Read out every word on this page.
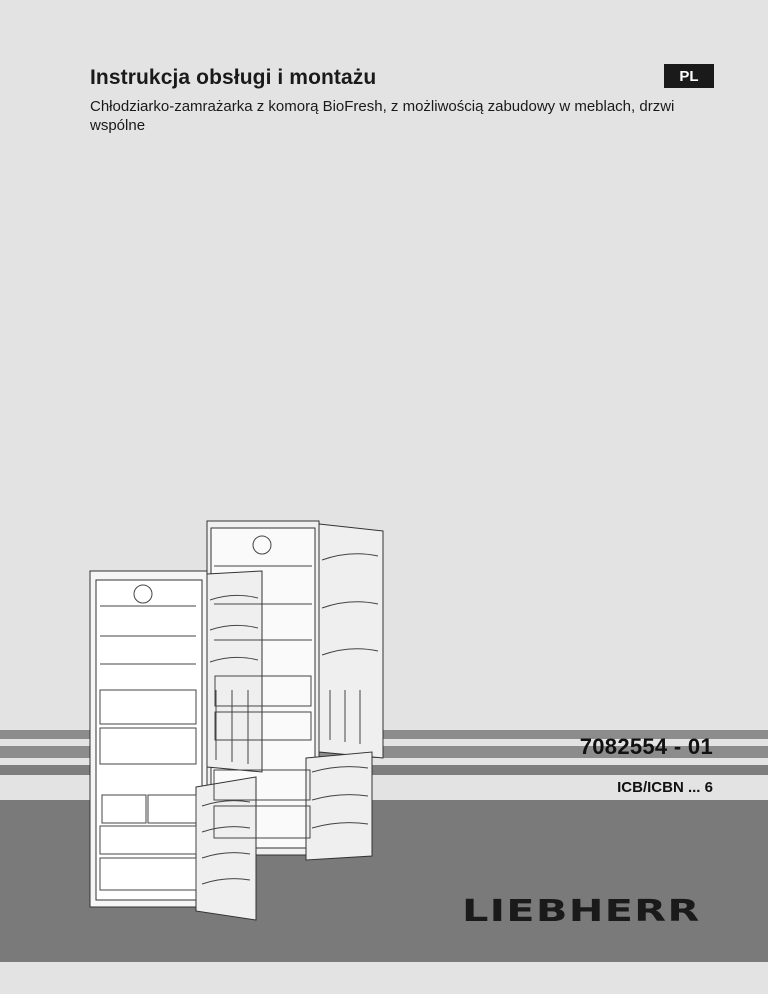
Instrukcja obsługi i montażu
Chłodziarko-zamrażarka z komorą BioFresh, z możliwością zabudowy w meblach, drzwi wspólne
PL
7082554 - 01
ICB/ICBN ... 6
LIEBHERR
